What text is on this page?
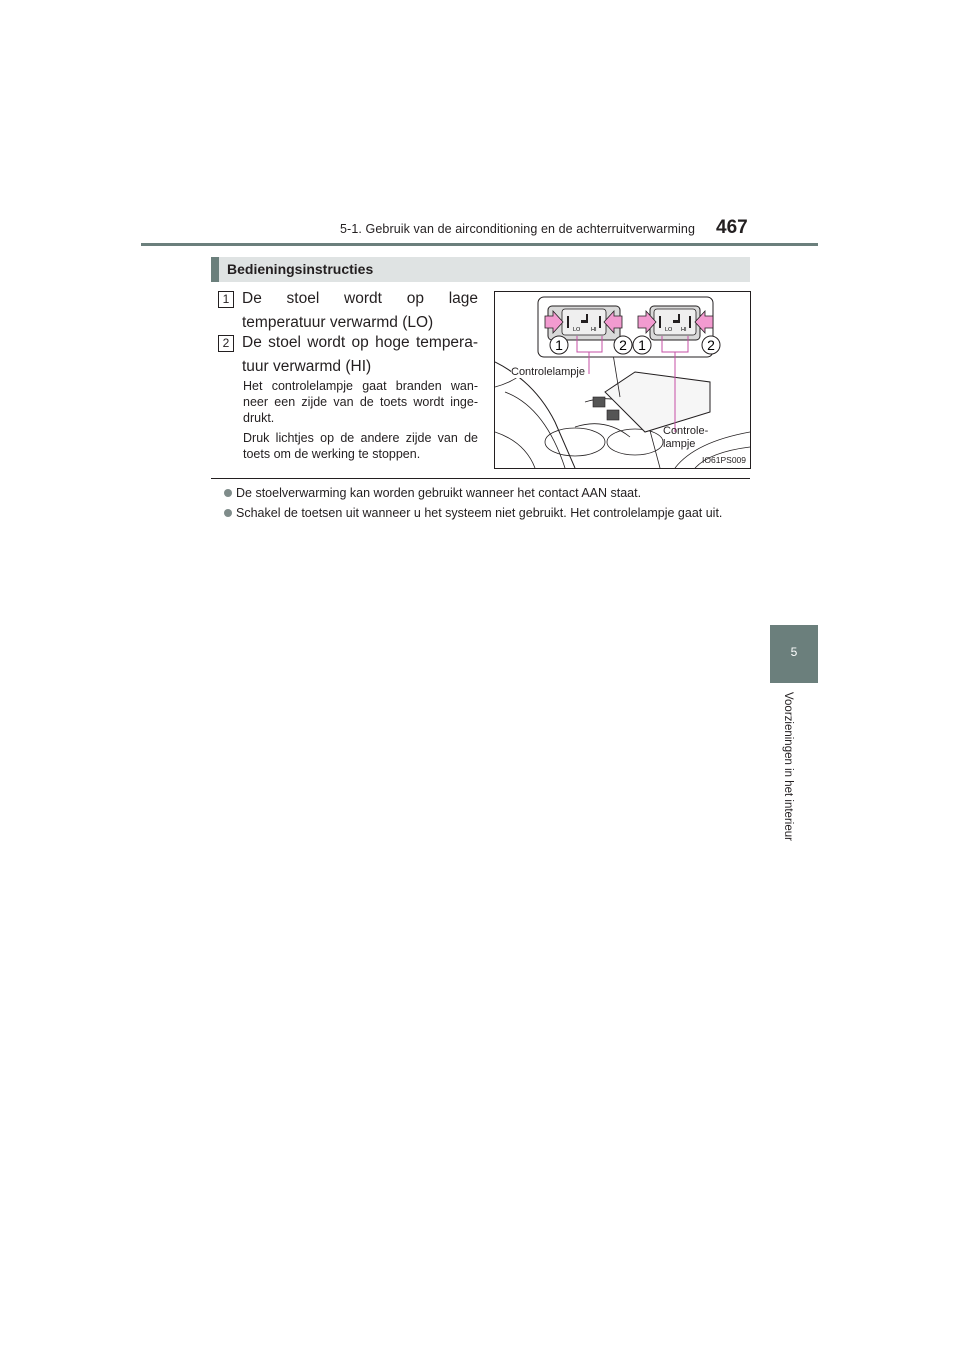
5-1. Gebruik van de airconditioning en de achterruitverwarming 467
Bedieningsinstructies
1 De stoel wordt op lage temperatuur verwarmd (LO)
2 De stoel wordt op hoge tempera- tuur verwarmd (HI)
Het controlelampje gaat branden wan- neer een zijde van de toets wordt inge- drukt.
Druk lichtjes op de andere zijde van de toets om de werking te stoppen.
LO HI	LO HI
1	2 1	2
Controlelampje
Controle- lampje
IO61PS009
De stoelverwarming kan worden gebruikt wanneer het contact AAN staat.
Schakel de toetsen uit wanneer u het systeem niet gebruikt. Het controlelampje gaat uit.
5
Voorzieningen in het interieur
